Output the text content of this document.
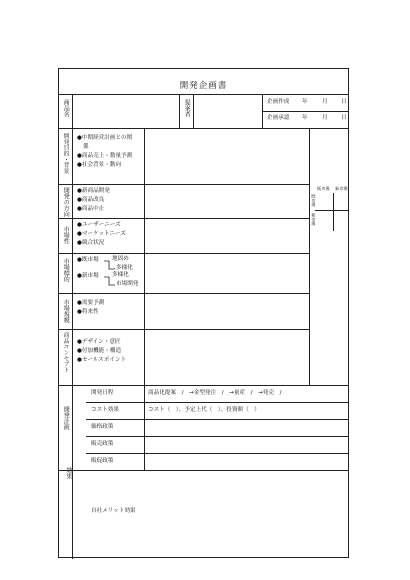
開発企画書
商品名	提案者	企画作成 年	月 日
企画承認 年	月 日
開発目的・背景 ●中期経営計画との関
係
●商品売上・数量予測
●社会背景・動向
開発の方向 ●新商品開発
●商品改良
●商品中止
市場性
●ユーザーニーズ
●マーケットニーズ
●競合状況
市場標的 ●既市場
●新市場
地固め
多様化
多様化
市場開発
市場規模 ●需要予測
●将来性
商品コンセプト ●デザイン・意匠
●付加機能・構造
●セールスポイント
開発計画
開発日程	商品化提案　/　→金型発注　/　→量産　/　→発売　/
コスト効果	コスト（　）、予定上代（　）、投資額（　）
価格政策
販売政策
販促政策
効果
自社メリット効果
既市場 新市場
既市場
新市場
